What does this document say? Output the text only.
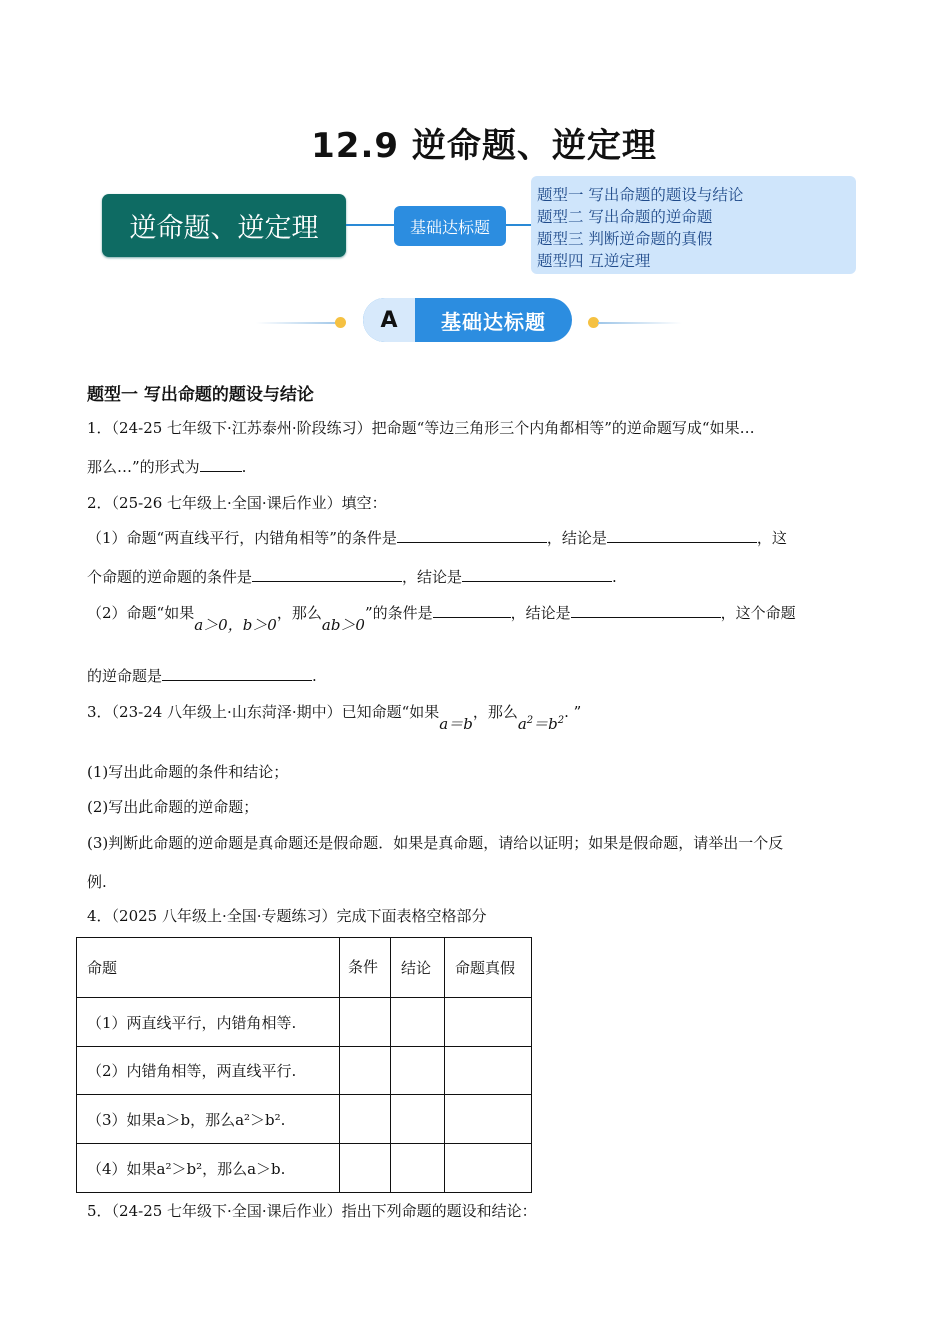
12.9 逆命题、逆定理
逆命题、逆定理	基础达标题
题型一 写出命题的题设与结论
题型二 写出命题的逆命题
题型三 判断逆命题的真假
题型四 互逆定理
A	基础达标题
题型一 写出命题的题设与结论
1．（24-25 七年级下·江苏泰州·阶段练习）把命题“等边三角形三个内角都相等”的逆命题写成“如果…
那么…”的形式为	.
2．（25-26 七年级上·全国·课后作业）填空：
（1）命题“两直线平行，内错角相等”的条件是	，结论是	，这
个命题的逆命题的条件是	，结论是	.
（2）命题“如果a＞0，b＞0，那么ab＞0”的条件是	，结论是	，这个命题
的逆命题是	.
3．（23-24 八年级上·山东菏泽·期中）已知命题“如果a＝b，那么$a^2=b^2$. ”
(1)写出此命题的条件和结论；
(2)写出此命题的逆命题；
(3)判断此命题的逆命题是真命题还是假命题．如果是真命题，请给以证明；如果是假命题，请举出一个反
例.
4．（2025 八年级上·全国·专题练习）完成下面表格空格部分
命题	条件	结论	命题真假
（1）两直线平行，内错角相等.			
（2）内错角相等，两直线平行.			
（3）如果a＞b，那么a²＞b².			
（4）如果a²＞b²，那么a＞b.			
5．（24-25 七年级下·全国·课后作业）指出下列命题的题设和结论：
